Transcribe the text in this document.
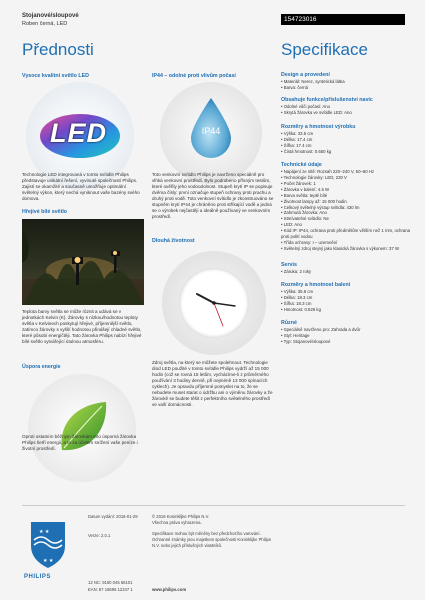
Stojanové/sloupové
Roben černá, LED
154723016
Přednosti	Specifikace
Vysoce kvalitní světlo LED
LED
Technologie LED integrovaná v tomto svítidle Philips představuje unikátní řešení, vyvinuté společností Philips. Zajistí se okamžité a současně umožňuje optimální světelný výkon, který nechá vyniknout vaše bazény svého domova.
Hřejivé bílé světlo
Teplota barvy světla se může různit a udává se v jednotkách Kelvin (K). Žárovky s nízkou/hodnotou teploty světla v Kelvinech poskytují hřejivé, příjemnější světlo, zatímco žárovky s vyšší hodnotou přinášejí chladné světlo, které působí energičtěji. Tato žárovka Philips nabízí hřejivé bílé světlo vytvářející útulnou atmosféru.
Úspora energie
Oproti ostatním běžným žárovkám toto úsporná žárovka Philips šetří energii, a to za účelem snížení vaše peníze i životní prostředí.
IP44 – odolné proti vlivům počasí
IP44
Toto venkovní svítidlo Philips je navrženo speciálně pro vlhká venkovní prostředí. Bylo podrobeno přísným testům, které ověřily jeho vodoodolnost. Stupeň krytí IP se popisuje dvěma čísly: první označuje stupeň ochrany proti prachu a druhý proti vodě. Toto venkovní svítidlo je zkonstruováno se stupněm krytí IP44 je chráněno proti stříkající vodě a jedná se o výrobek nejčastěji a ideálně používaný ve venkovním prostředí.
Dlouhá životnost
Zdroj světla, na který se můžete spolehnout. Technologie diod LED použité v tomto svítidle Philips vydrží až 15 000 hodin (což se rovná 15 letům, vycházíme-li z průměrného používání 3 hodiny denně, při nejméně 13 000 spínacích cyklech). Je opravdu příjemné pomyslet na to, že se nebudete muset starat o údržbu ani o výměnu žárovky a že žárovkě se budete těšit z perfektního světelného prostředí ve vaší domácnosti.
Design a provedení
• Materiál: Nerez, syntetická látka
• Barva: černá
Obsahuje funkce/příslušenství navíc
• Odolné vůči počasí: Ano
• Skrytá žárovka ve svítidle LED: Ano
Rozměry a hmotnost výrobku
• Výška: 33.5 cm
• Délka: 17.4 cm
• Šířka: 17.4 cm
• Čistá hmotnost: 0.650 kg
Technické údaje
• Napájení ze sítě: Rozsah 220–240 V, 50–60 Hz
• Technologie žárovky: LED, 230 V
• Počet žárovek: 1
• Žárovka v balení: 4.5 W
• Barva světla: teplé bílé
• Životnost lampy až: 15 000 hodin
• Celkový světelný výstup svítidla: 430 lm
• Zahrnutá žárovka: Ano
• Stmívatelné svítidlo: Ne
• LED: Ano
• Kód IP: IP44, ochrana proti předmětům větším než 1 mm, ochrana proti polití vodou
• Třída ochrany: I – uzemnění
• Světelný zdroj stejný jako klasická žárovka s výkonem: 37 W
Servis
• Záruka: 2 roky
Rozměry a hmotnost balení
• Výška: 35.8 cm
• Délka: 18.3 cm
• Šířka: 18.3 cm
• Hmotnost: 0.825 kg
Různé
• Speciálně navrženo pro: Zahrada a dvůr
• Styl: Heritage
• Typ: Stojanové/sloupové
★ ★
★ ★
PHILIPS
Datum vydání: 2016-01-29
Verze: 2.0.1
12 NC: 9150 045 66101
EAN: 87 18696 12247 1
© 2016 Koninklijke Philips N.V.
Všechna práva vyhrazena.
Specifikace mohou být měněny bez předchozího varování. Ochranné známky jsou majetkem společnosti Koninklijke Philips N.V. nebo jejich příslušných vlastníků.
www.philips.com
